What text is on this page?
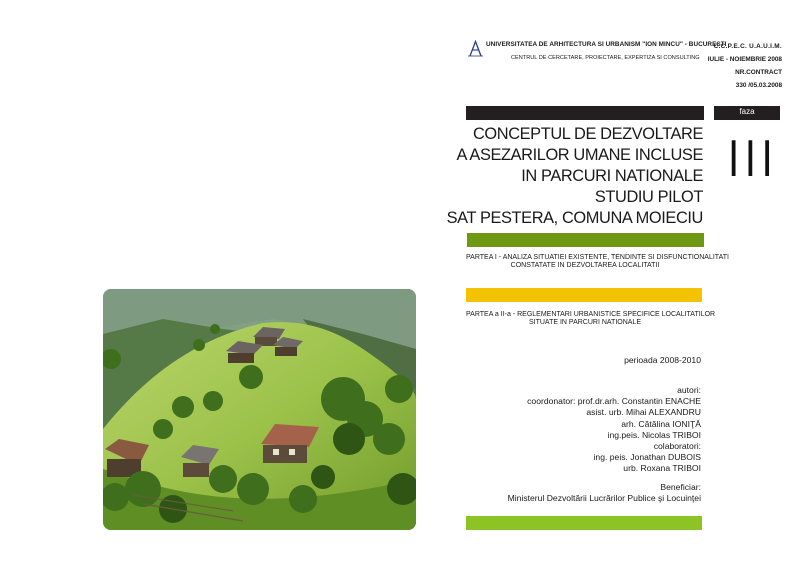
UNIVERSITATEA DE ARHITECTURA SI URBANISM "ION MINCU" - BUCURESTI
CENTRUL DE CERCETARE, PROIECTARE, EXPERTIZA SI CONSULTING
C.C.P.E.C. U.A.U.I.M.
IULIE - NOIEMBRIE 2008
NR.CONTRACT
330 /05.03.2008
faza
III
CONCEPTUL DE DEZVOLTARE
A ASEZARILOR UMANE INCLUSE
IN PARCURI NATIONALE
STUDIU PILOT
SAT PESTERA, COMUNA MOIECIU
PARTEA I - ANALIZA SITUATIEI EXISTENTE, TENDINTE SI DISFUNCTIONALITATI
CONSTATATE IN DEZVOLTAREA LOCALITATII
PARTEA a II-a - REGLEMENTARI URBANISTICE SPECIFICE LOCALITATILOR
SITUATE IN PARCURI NATIONALE
perioada 2008-2010
autori:
coordonator: prof.dr.arh. Constantin ENACHE
asist. urb. Mihai ALEXANDRU
arh. Cătălina IONIŢĂ
ing.peis. Nicolas TRIBOI
colaboratori:
ing. peis. Jonathan DUBOIS
urb. Roxana TRIBOI
Beneficiar:
Ministerul Dezvoltării Lucrărilor Publice şi Locuinţei
